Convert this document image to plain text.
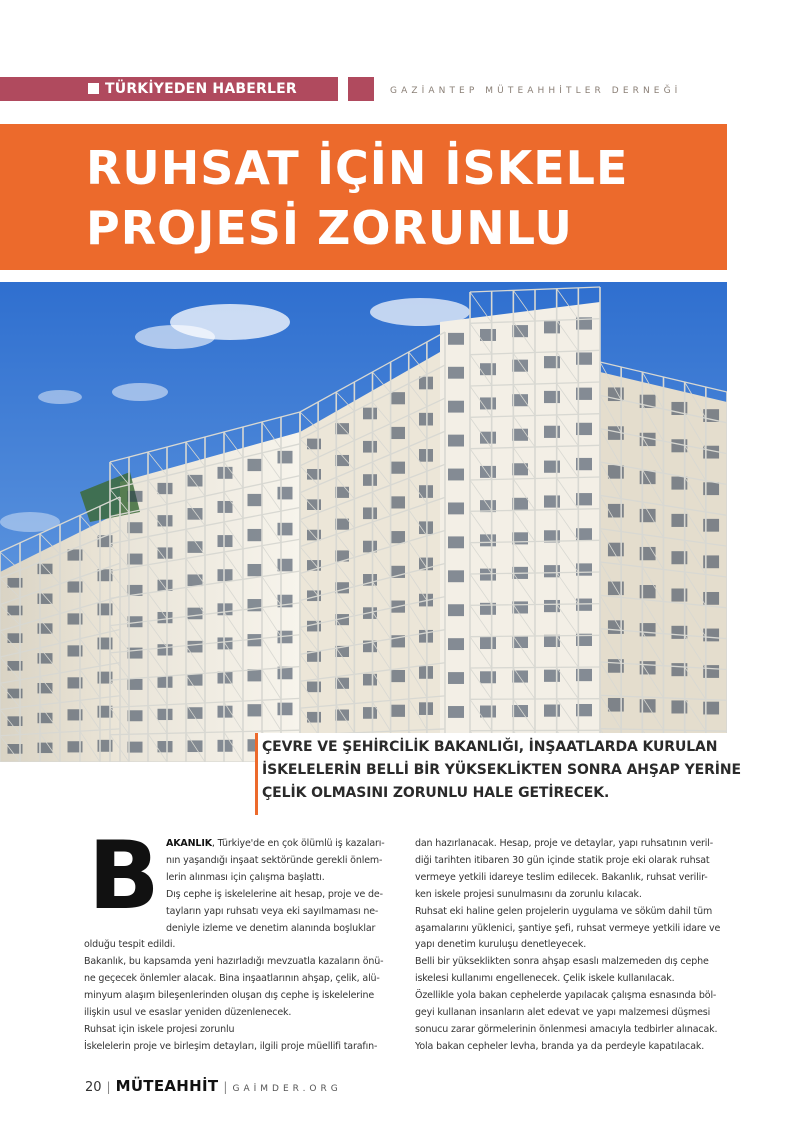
TÜRKİYEDEN HABERLER	GAZİANTEP MÜTEAHHİTLER DERNEĞİ
RUHSAT İÇİN İSKELE
PROJESİ ZORUNLU
ÇEVRE VE ŞEHİRCİLİK BAKANLIĞI, İNŞAATLARDA KURULAN
İSKELELERİN BELLİ BİR YÜKSEKLİKTEN SONRA AHŞAP YERİNE
ÇELİK OLMASINI ZORUNLU HALE GETİRECEK.
B AKANLIK, Türkiye'de en çok ölümlü iş kazaları-
nın yaşandığı inşaat sektöründe gerekli önlem-
lerin alınması için çalışma başlattı.
Dış cephe iş iskelelerine ait hesap, proje ve de-
tayların yapı ruhsatı veya eki sayılmaması ne-
deniyle izleme ve denetim alanında boşluklar
olduğu tespit edildi.
Bakanlık, bu kapsamda yeni hazırladığı mevzuatla kazaların önü-
ne geçecek önlemler alacak. Bina inşaatlarının ahşap, çelik, alü-
minyum alaşım bileşenlerinden oluşan dış cephe iş iskelelerine
ilişkin usul ve esaslar yeniden düzenlenecek.
Ruhsat için iskele projesi zorunlu
İskelelerin proje ve birleşim detayları, ilgili proje müellifi tarafın-
dan hazırlanacak. Hesap, proje ve detaylar, yapı ruhsatının veril-
diği tarihten itibaren 30 gün içinde statik proje eki olarak ruhsat
vermeye yetkili idareye teslim edilecek. Bakanlık, ruhsat verilir-
ken iskele projesi sunulmasını da zorunlu kılacak.
Ruhsat eki haline gelen projelerin uygulama ve söküm dahil tüm
aşamalarını yüklenici, şantiye şefi, ruhsat vermeye yetkili idare ve
yapı denetim kuruluşu denetleyecek.
Belli bir yükseklikten sonra ahşap esaslı malzemeden dış cephe
iskelesi kullanımı engellenecek. Çelik iskele kullanılacak.
Özellikle yola bakan cephelerde yapılacak çalışma esnasında böl-
geyi kullanan insanların alet edevat ve yapı malzemesi düşmesi
sonucu zarar görmelerinin önlenmesi amacıyla tedbirler alınacak.
Yola bakan cepheler levha, branda ya da perdeyle kapatılacak.
20 | MÜTEAHHİT | GAİMDER.ORG
